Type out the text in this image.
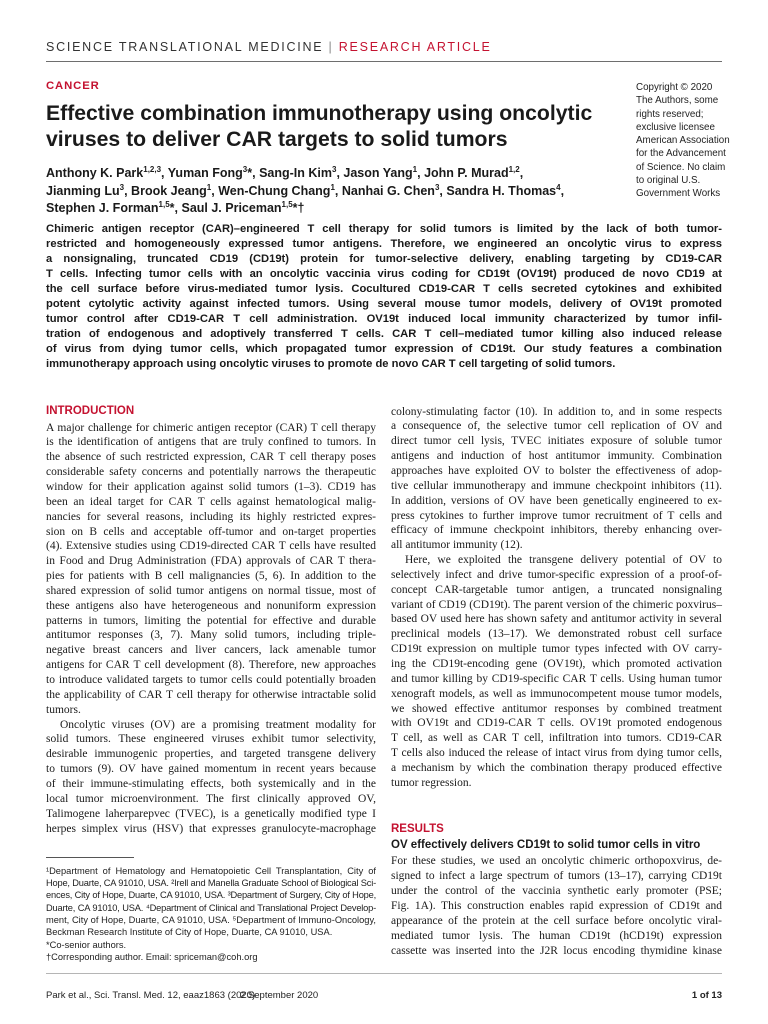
SCIENCE TRANSLATIONAL MEDICINE | RESEARCH ARTICLE
CANCER
Effective combination immunotherapy using oncolytic
viruses to deliver CAR targets to solid tumors
Anthony K. Park$^{1,2,3}$, Yuman Fong$^3$*, Sang-In Kim$^3$, Jason Yang$^1$, John P. Murad$^{1,2}$,
Jianming Lu$^3$, Brook Jeang$^1$, Wen-Chung Chang$^1$, Nanhai G. Chen$^3$, Sandra H. Thomas$^4$,
Stephen J. Forman$^{1,5}$*, Saul J. Priceman$^{1,5}$*†
Copyright © 2020
The Authors, some
rights reserved;
exclusive licensee
American Association
for the Advancement
of Science. No claim
to original U.S.
Government Works
Chimeric antigen receptor (CAR)–engineered T cell therapy for solid tumors is limited by the lack of both tumor-
restricted and homogeneously expressed tumor antigens. Therefore, we engineered an oncolytic virus to express
a nonsignaling, truncated CD19 (CD19t) protein for tumor-selective delivery, enabling targeting by CD19-CAR
T cells. Infecting tumor cells with an oncolytic vaccinia virus coding for CD19t (OV19t) produced de novo CD19 at
the cell surface before virus-mediated tumor lysis. Cocultured CD19-CAR T cells secreted cytokines and exhibited
potent cytolytic activity against infected tumors. Using several mouse tumor models, delivery of OV19t promoted
tumor control after CD19-CAR T cell administration. OV19t induced local immunity characterized by tumor infil-
tration of endogenous and adoptively transferred T cells. CAR T cell–mediated tumor killing also induced release
of virus from dying tumor cells, which propagated tumor expression of CD19t. Our study features a combination
immunotherapy approach using oncolytic viruses to promote de novo CAR T cell targeting of solid tumors.
INTRODUCTION
A major challenge for chimeric antigen receptor (CAR) T cell therapy
is the identification of antigens that are truly confined to tumors. In
the absence of such restricted expression, CAR T cell therapy poses
considerable safety concerns and potentially narrows the therapeutic
window for their application against solid tumors (1–3). CD19 has
been an ideal target for CAR T cells against hematological malig-
nancies for several reasons, including its highly restricted expres-
sion on B cells and acceptable off-tumor and on-target properties
(4). Extensive studies using CD19-directed CAR T cells have resulted
in Food and Drug Administration (FDA) approvals of CAR T thera-
pies for patients with B cell malignancies (5, 6). In addition to the
shared expression of solid tumor antigens on normal tissue, most of
these antigens also have heterogeneous and nonuniform expression
patterns in tumors, limiting the potential for effective and durable
antitumor responses (3, 7). Many solid tumors, including triple-
negative breast cancers and liver cancers, lack amenable tumor
antigens for CAR T cell development (8). Therefore, new approaches
to introduce validated targets to tumor cells could potentially broaden
the applicability of CAR T cell therapy for otherwise intractable solid
tumors.
Oncolytic viruses (OV) are a promising treatment modality for
solid tumors. These engineered viruses exhibit tumor selectivity,
desirable immunogenic properties, and targeted transgene delivery
to tumors (9). OV have gained momentum in recent years because
of their immune-stimulating effects, both systemically and in the
local tumor microenvironment. The first clinically approved OV,
Talimogene laherparepvec (TVEC), is a genetically modified type I
herpes simplex virus (HSV) that expresses granulocyte-macrophage
colony-stimulating factor (10). In addition to, and in some respects
a consequence of, the selective tumor cell replication of OV and
direct tumor cell lysis, TVEC initiates exposure of soluble tumor
antigens and induction of host antitumor immunity. Combination
approaches have exploited OV to bolster the effectiveness of adop-
tive cellular immunotherapy and immune checkpoint inhibitors (11).
In addition, versions of OV have been genetically engineered to ex-
press cytokines to further improve tumor recruitment of T cells and
efficacy of immune checkpoint inhibitors, thereby enhancing over-
all antitumor immunity (12).
Here, we exploited the transgene delivery potential of OV to
selectively infect and drive tumor-specific expression of a proof-of-
concept CAR-targetable tumor antigen, a truncated nonsignaling
variant of CD19 (CD19t). The parent version of the chimeric poxvirus–
based OV used here has shown safety and antitumor activity in several
preclinical models (13–17). We demonstrated robust cell surface
CD19t expression on multiple tumor types infected with OV carry-
ing the CD19t-encoding gene (OV19t), which promoted activation
and tumor killing by CD19-specific CAR T cells. Using human tumor
xenograft models, as well as immunocompetent mouse tumor models,
we showed effective antitumor responses by combined treatment
with OV19t and CD19-CAR T cells. OV19t promoted endogenous
T cell, as well as CAR T cell, infiltration into tumors. CD19-CAR
T cells also induced the release of intact virus from dying tumor cells,
a mechanism by which the combination therapy produced effective
tumor regression.
RESULTS
OV effectively delivers CD19t to solid tumor cells in vitro
For these studies, we used an oncolytic chimeric orthopoxvirus, de-
signed to infect a large spectrum of tumors (13–17), carrying CD19t
under the control of the vaccinia synthetic early promoter (PSE;
Fig. 1A). This construction enables rapid expression of CD19t and
appearance of the protein at the cell surface before oncolytic viral-
mediated tumor lysis. The human CD19t (hCD19t) expression
cassette was inserted into the J2R locus encoding thymidine kinase
¹Department of Hematology and Hematopoietic Cell Transplantation, City of
Hope, Duarte, CA 91010, USA. ²Irell and Manella Graduate School of Biological Sci-
ences, City of Hope, Duarte, CA 91010, USA. ³Department of Surgery, City of Hope,
Duarte, CA 91010, USA. ⁴Department of Clinical and Translational Project Develop-
ment, City of Hope, Duarte, CA 91010, USA. ⁵Department of Immuno-Oncology,
Beckman Research Institute of City of Hope, Duarte, CA 91010, USA.
*Co-senior authors.
†Corresponding author. Email: spriceman@coh.org
Park et al., Sci. Transl. Med. 12, eaaz1863 (2020)
2 September 2020	1 of 13
